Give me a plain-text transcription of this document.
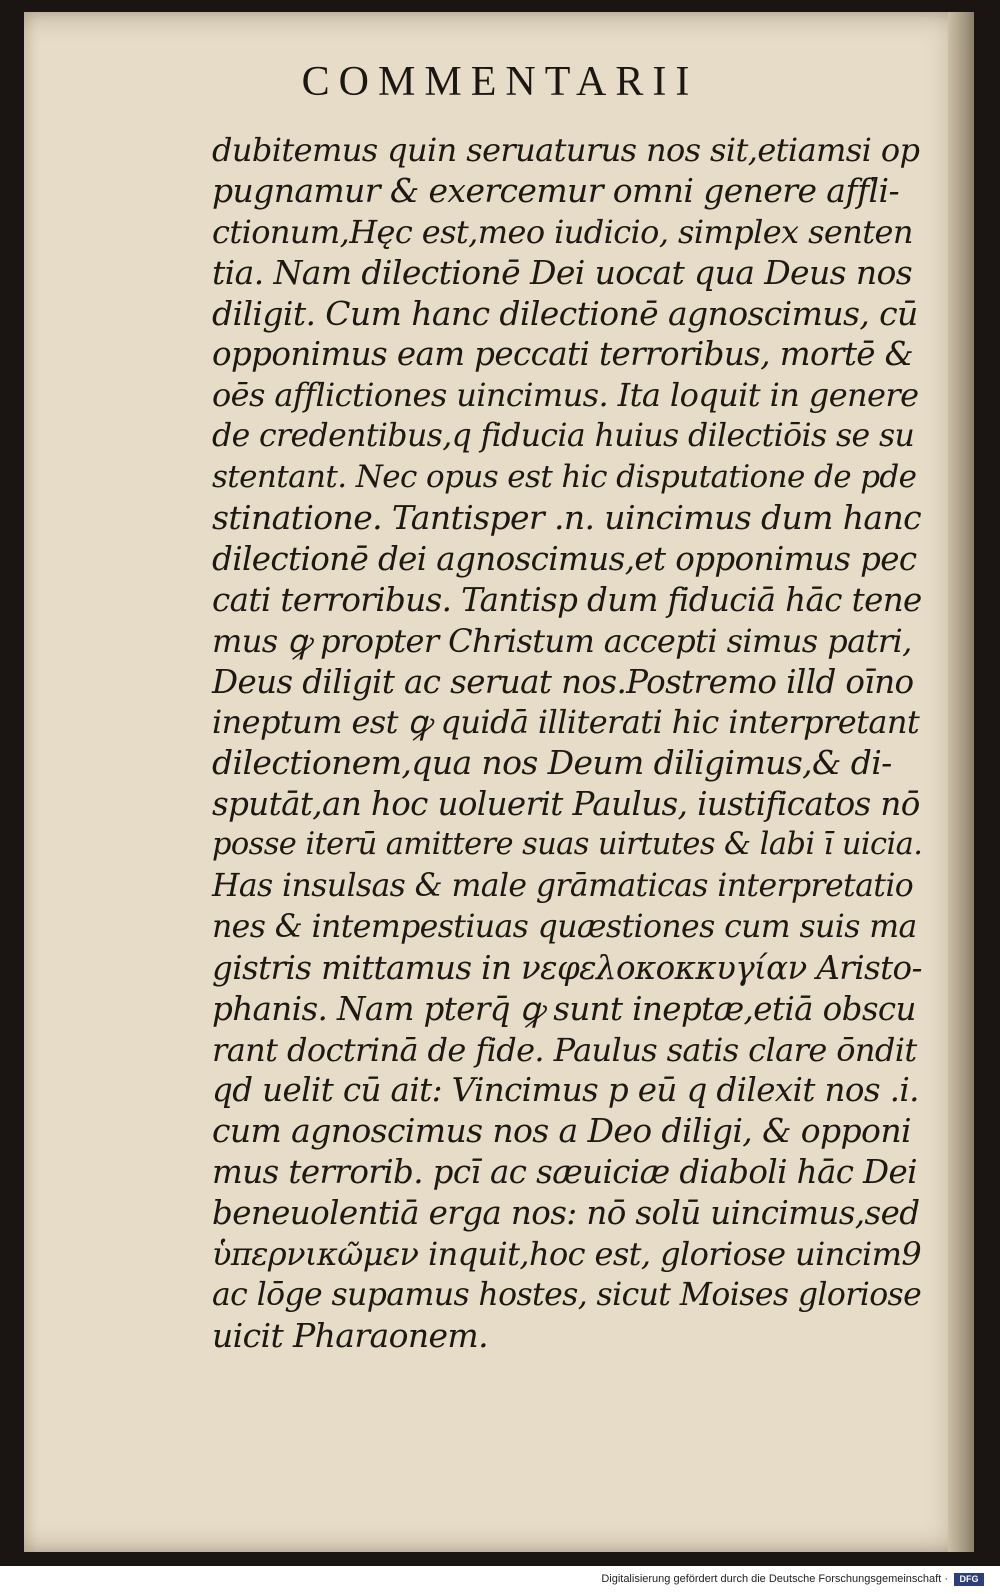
COMMENTARII
dubitemus quin seruaturus nos sit,etiamsi op
pugnamur & exercemur omni genere affli-
ctionum,Hęc est,meo iudicio, simplex senten
tia. Nam dilectionē Dei uocat qua Deus nos
diligit. Cum hanc dilectionē agnoscimus, cū
opponimus eam peccati terroribus, mortē &
oēs afflictiones uincimus. Ita loquit in genere
de credentibus,q fiducia huius dilectiōis se su
stentant. Nec opus est hic disputatione de pde
stinatione. Tantisper .n. uincimus dum hanc
dilectionē dei agnoscimus,et opponimus pec
cati terroribus. Tantisp dum fiduciā hāc tene
mus ꝙ propter Christum accepti simus patri,
Deus diligit ac seruat nos.Postremo illd oīno
ineptum est ꝙ quidā illiterati hic interpretant
dilectionem,qua nos Deum diligimus,& di-
sputāt,an hoc uoluerit Paulus, iustificatos nō
posse iterū amittere suas uirtutes & labi ī uicia.
Has insulsas & male grāmaticas interpretatio
nes & intempestiuas quæstiones cum suis ma
gistris mittamus in νεφελοκοκκυγίαν Aristo-
phanis. Nam pterq̄ ꝙ sunt ineptæ,etiā obscu
rant doctrinā de fide. Paulus satis clare ōndit
qd uelit cū ait: Vincimus p eū q dilexit nos .i.
cum agnoscimus nos a Deo diligi, & opponi
mus terrorib. pcī ac sæuiciæ diaboli hāc Dei
beneuolentiā erga nos: nō solū uincimus,sed
ὑπερνικῶμεν inquit,hoc est, gloriose uincim9
ac lōge supamus hostes, sicut Moises gloriose
uicit Pharaonem.
Digitalisierung gefördert durch die Deutsche Forschungsgemeinschaft ·	DFG
